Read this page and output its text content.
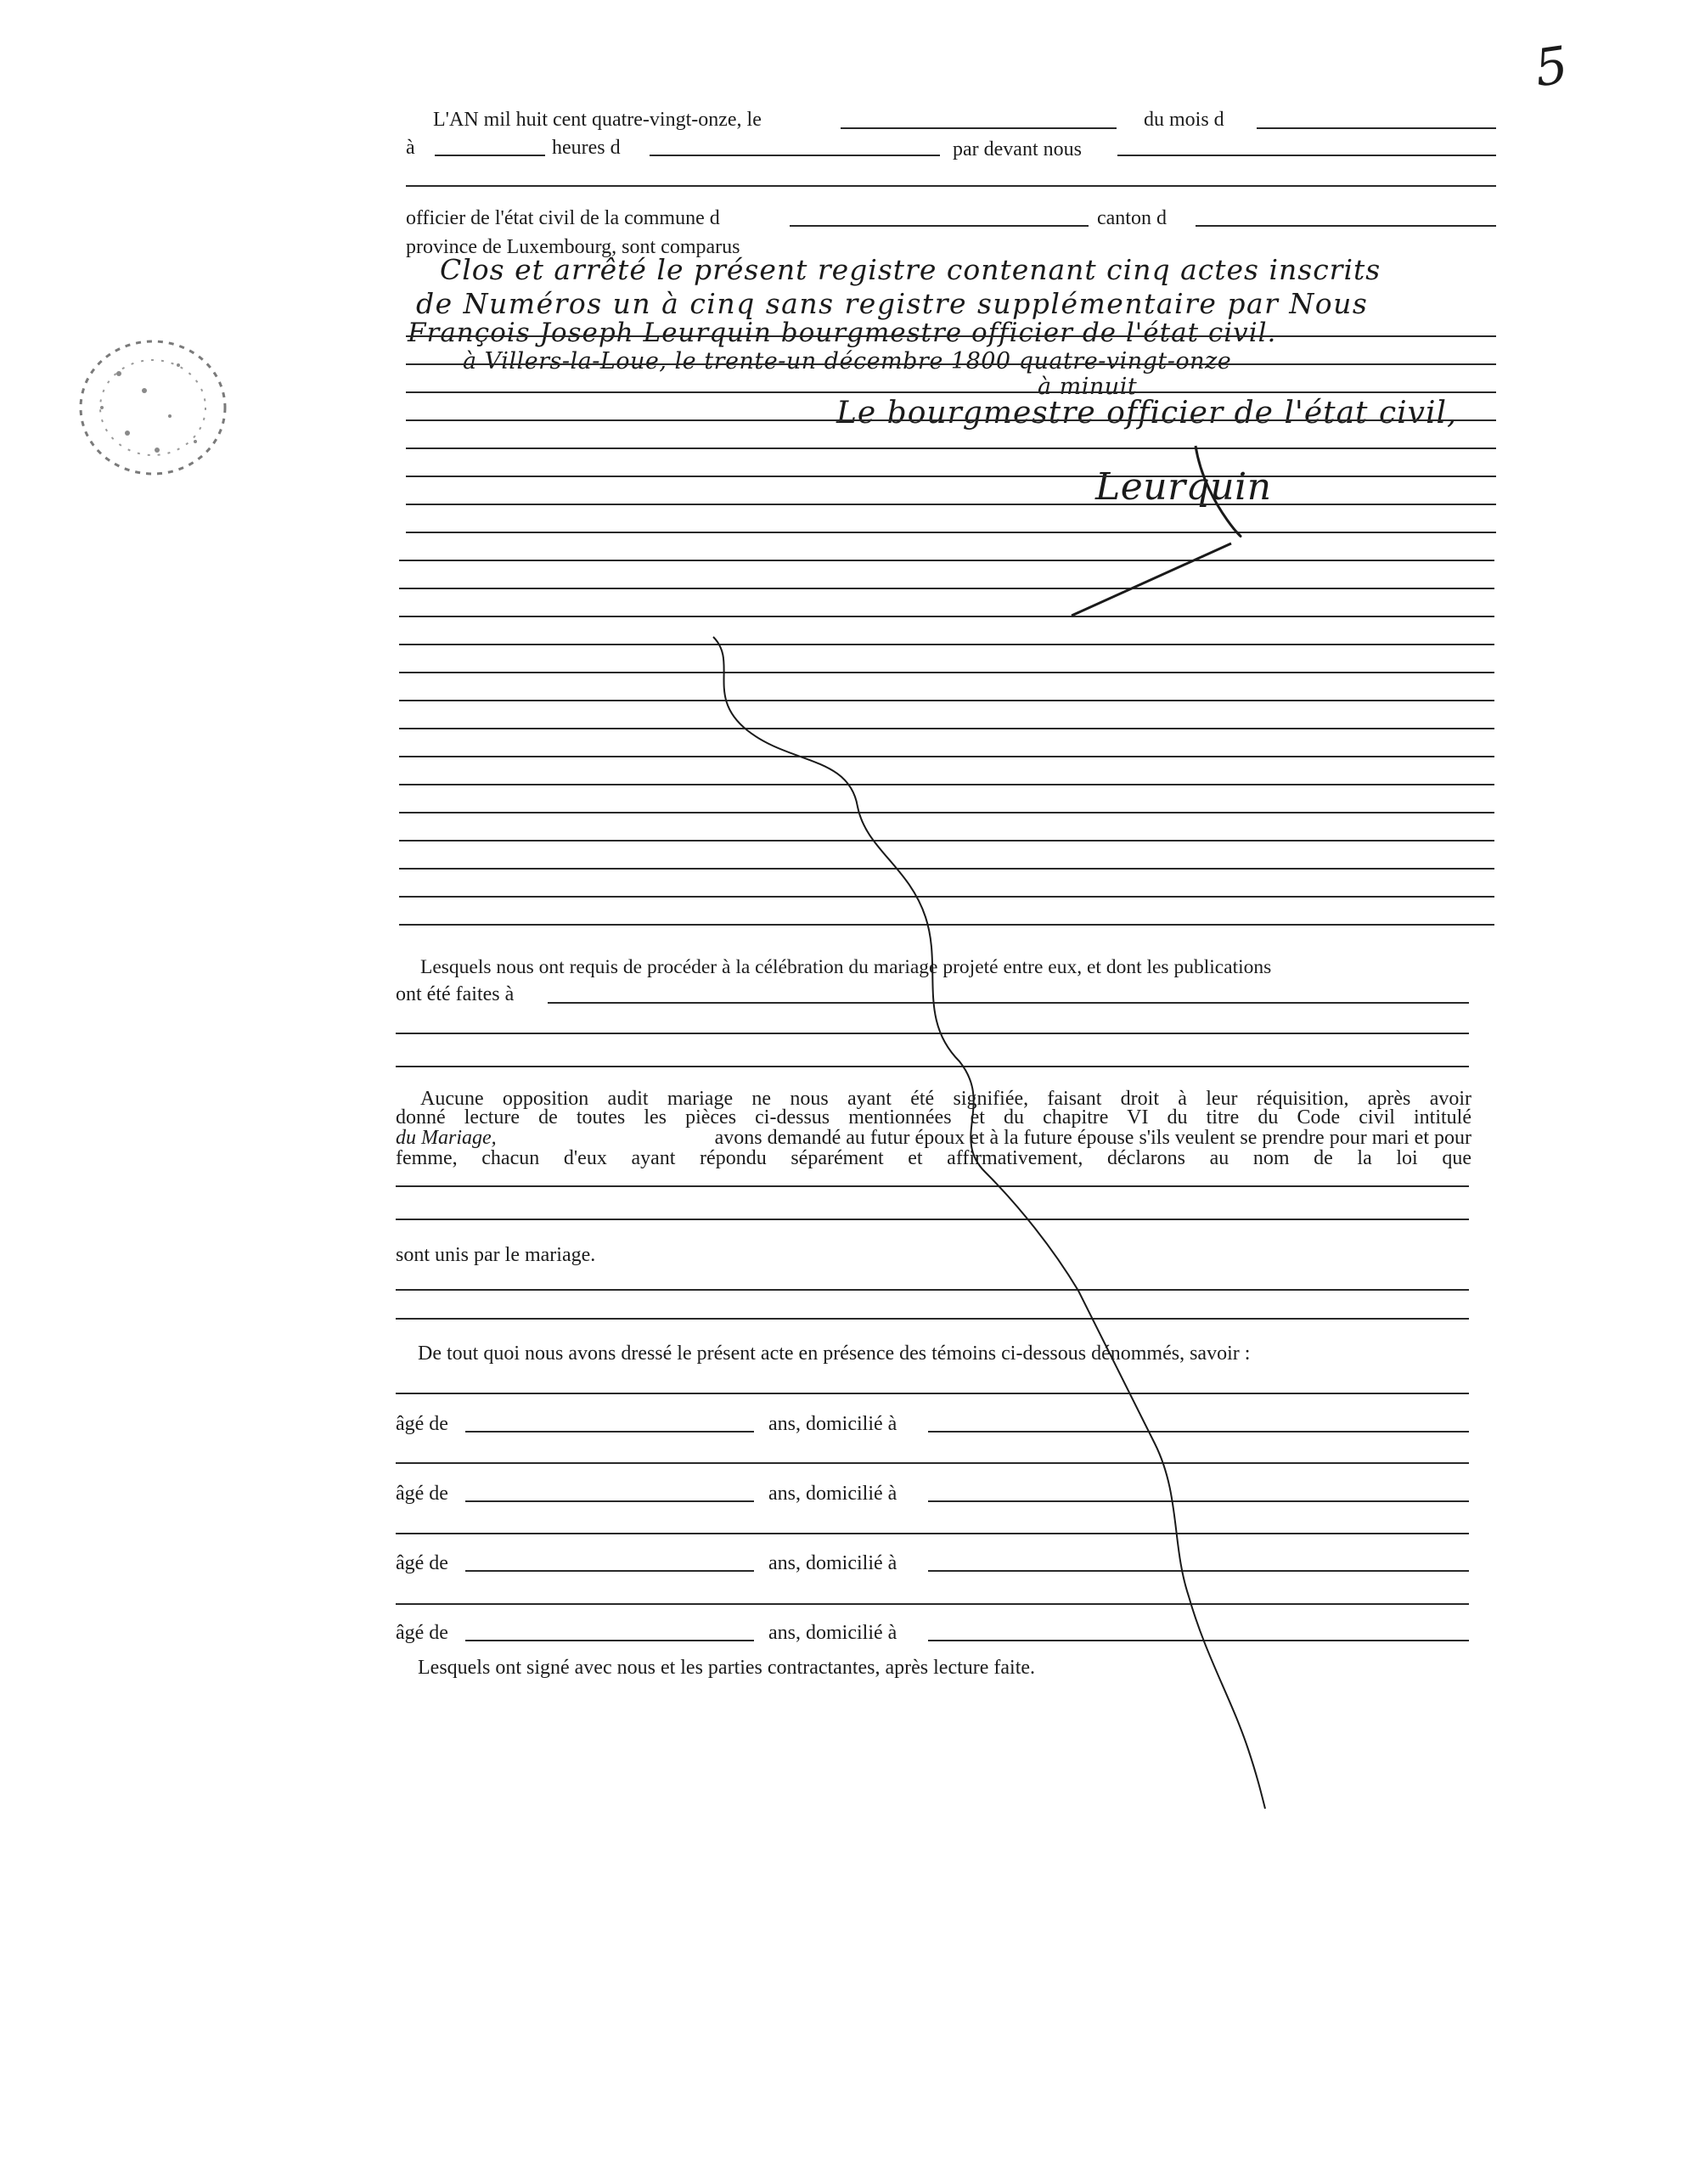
5
L'AN mil huit cent quatre-vingt-onze, le	du mois d
à	heures d	par devant nous
officier de l'état civil de la commune d	canton d
province de Luxembourg, sont comparus
Clos et arrêté le présent registre contenant cinq actes inscrits
de Numéros un à cinq sans registre supplémentaire par Nous
François Joseph Leurquin bourgmestre officier de l'état civil.
à Villers-la-Loue, le trente-un décembre 1800 quatre-vingt-onze
à minuit
Le bourgmestre officier de l'état civil,
Leurquin
Lesquels nous ont requis de procéder à la célébration du mariage projeté entre eux, et dont les publications
ont été faites à
Aucune opposition audit mariage ne nous ayant été signifiée, faisant droit à leur réquisition, après avoir
donné lecture de toutes les pièces ci-dessus mentionnées et du chapitre VI du titre du Code civil intitulé
du Mariage,	avons demandé au futur époux et à la future épouse s'ils veulent se prendre pour mari et pour
femme, chacun d'eux ayant répondu séparément et affirmativement, déclarons au nom de la loi que
sont unis par le mariage.
De tout quoi nous avons dressé le présent acte en présence des témoins ci-dessous dénommés, savoir :
âgé de	ans, domicilié à
âgé de	ans, domicilié à
âgé de	ans, domicilié à
âgé de	ans, domicilié à
Lesquels ont signé avec nous et les parties contractantes, après lecture faite.
